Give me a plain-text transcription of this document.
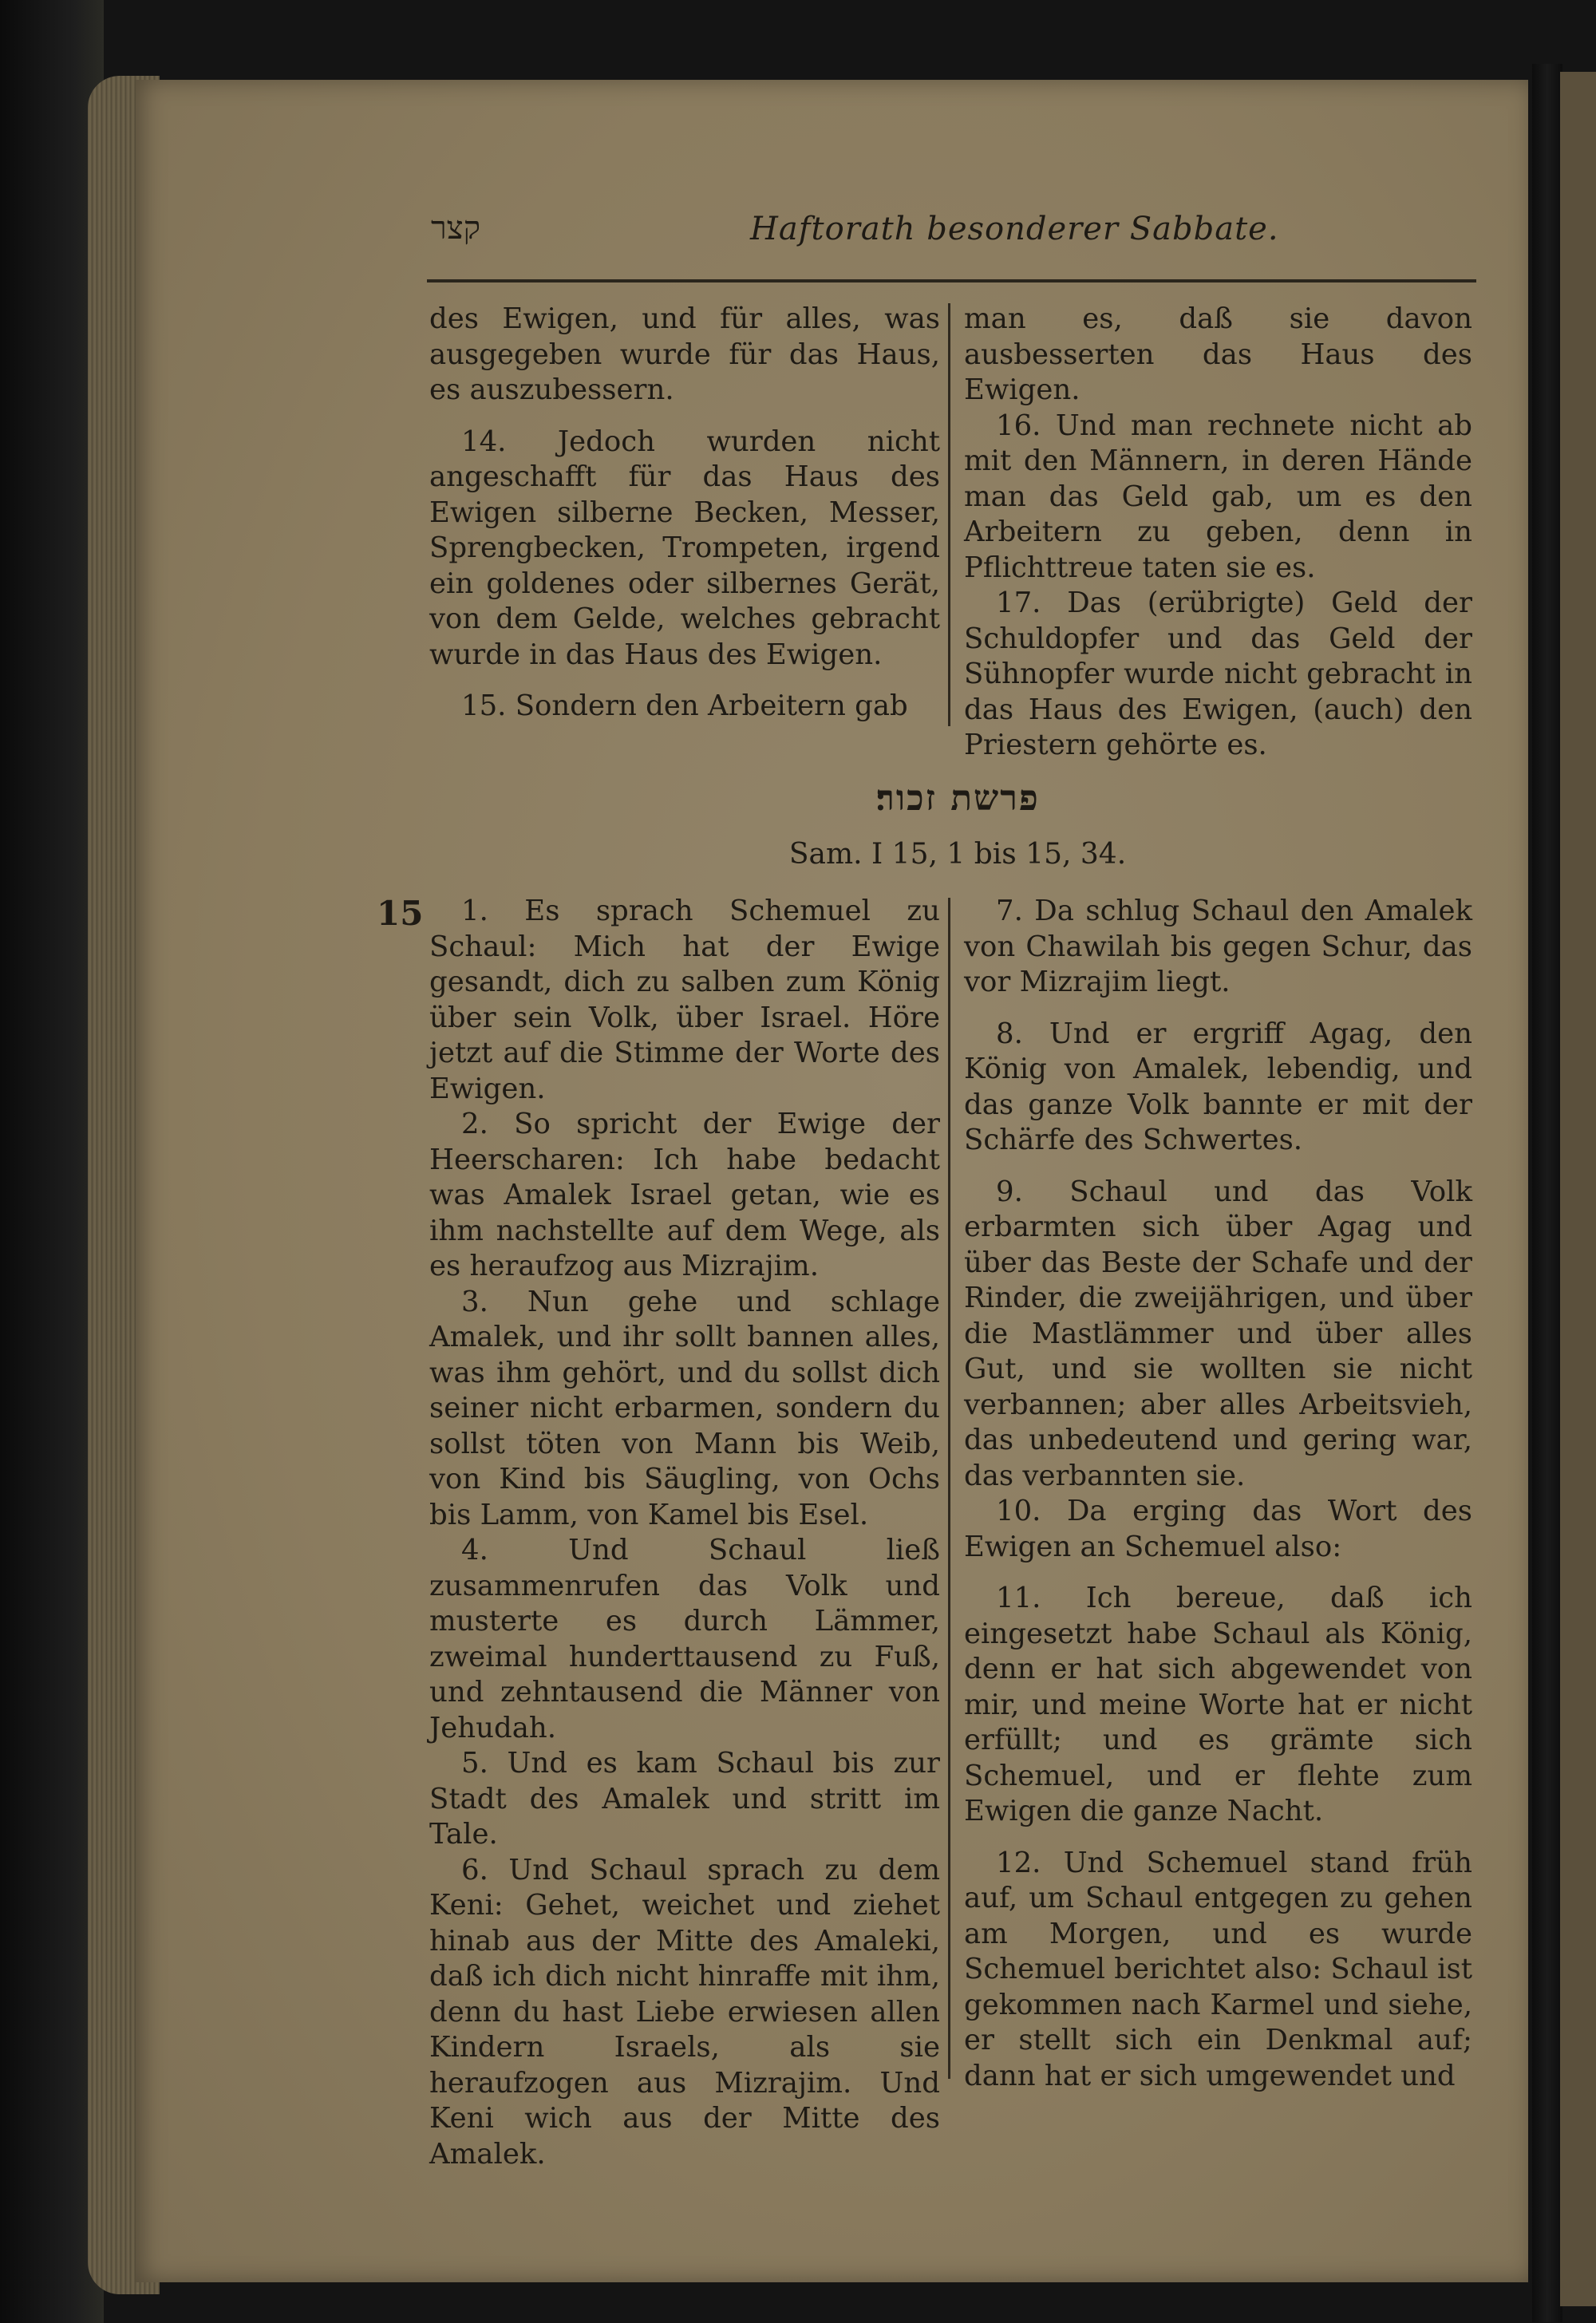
קצר	Haftorath besonderer Sabbate.

des Ewigen, und für alles, was ausgegeben wurde für das Haus, es auszubessern.

14. Jedoch wurden nicht angeschafft für das Haus des Ewigen silberne Becken, Messer, Sprengbecken, Trompeten, irgend ein goldenes oder silbernes Gerät, von dem Gelde, welches gebracht wurde in das Haus des Ewigen.

15. Sondern den Arbeitern gab

man es, daß sie davon ausbesserten das Haus des Ewigen.

16. Und man rechnete nicht ab mit den Männern, in deren Hände man das Geld gab, um es den Arbeitern zu geben, denn in Pflichttreue taten sie es.

17. Das (erübrigte) Geld der Schuldopfer und das Geld der Sühnopfer wurde nicht gebracht in das Haus des Ewigen, (auch) den Priestern gehörte es.

פרשת זכור׃
Sam. I 15, 1 bis 15, 34.
15	1. Es sprach Schemuel zu Schaul: Mich hat der Ewige gesandt, dich zu salben zum König über sein Volk, über Israel. Höre jetzt auf die Stimme der Worte des Ewigen.

2. So spricht der Ewige der Heerscharen: Ich habe bedacht was Amalek Israel getan, wie es ihm nachstellte auf dem Wege, als es heraufzog aus Mizrajim.

3. Nun gehe und schlage Amalek, und ihr sollt bannen alles, was ihm gehört, und du sollst dich seiner nicht erbarmen, sondern du sollst töten von Mann bis Weib, von Kind bis Säugling, von Ochs bis Lamm, von Kamel bis Esel.

4. Und Schaul ließ zusammenrufen das Volk und musterte es durch Lämmer, zweimal hunderttausend zu Fuß, und zehntausend die Männer von Jehudah.

5. Und es kam Schaul bis zur Stadt des Amalek und stritt im Tale.

6. Und Schaul sprach zu dem Keni: Gehet, weichet und ziehet hinab aus der Mitte des Amaleki, daß ich dich nicht hinraffe mit ihm, denn du hast Liebe erwiesen allen Kindern Israels, als sie heraufzogen aus Mizrajim. Und Keni wich aus der Mitte des Amalek.

7. Da schlug Schaul den Amalek von Chawilah bis gegen Schur, das vor Mizrajim liegt.

8. Und er ergriff Agag, den König von Amalek, lebendig, und das ganze Volk bannte er mit der Schärfe des Schwertes.

9. Schaul und das Volk erbarmten sich über Agag und über das Beste der Schafe und der Rinder, die zweijährigen, und über die Mastlämmer und über alles Gut, und sie wollten sie nicht verbannen; aber alles Arbeitsvieh, das unbedeutend und gering war, das verbannten sie.

10. Da erging das Wort des Ewigen an Schemuel also:

11. Ich bereue, daß ich eingesetzt habe Schaul als König, denn er hat sich abgewendet von mir, und meine Worte hat er nicht erfüllt; und es grämte sich Schemuel, und er flehte zum Ewigen die ganze Nacht.

12. Und Schemuel stand früh auf, um Schaul entgegen zu gehen am Morgen, und es wurde Schemuel berichtet also: Schaul ist gekommen nach Karmel und siehe, er stellt sich ein Denkmal auf; dann hat er sich umgewendet und
